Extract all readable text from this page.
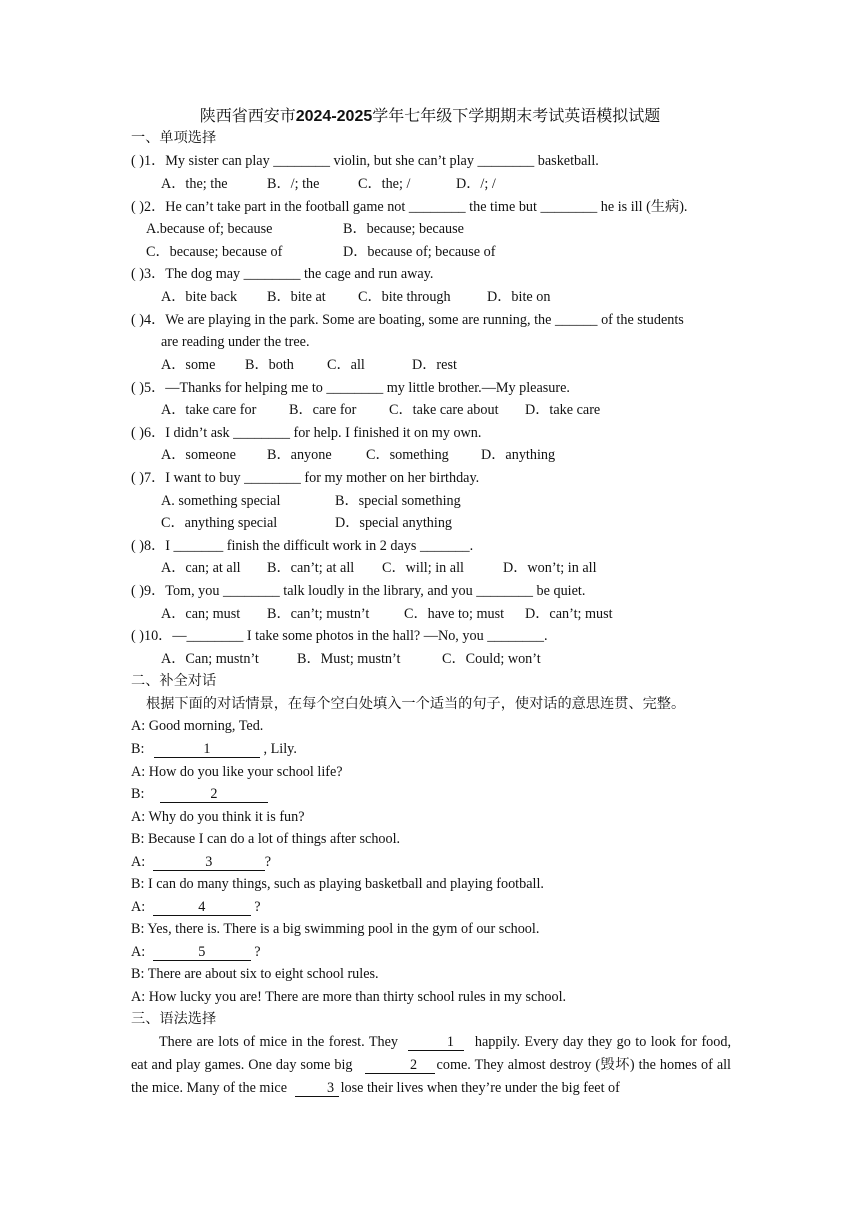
陕西省西安市2024-2025学年七年级下学期期末考试英语模拟试题
一、单项选择
( )1．My sister can play ________ violin, but she can’t play ________ basketball.
A．the; the	B．/; the	C．the; /	D．/; /
( )2．He can’t take part in the football game not ________ the time but ________ he is ill (生病).
A.because of; because	B．because; because
C．because; because of	D．because of; because of
( )3．The dog may ________ the cage and run away.
A．bite back B．bite at C．bite through	D．bite on
( )4．We are playing in the park. Some are boating, some are running, the ______ of the students
are reading under the tree.
A．some B．both C．all	D．rest
( )5．—Thanks for helping me to ________ my little brother.—My pleasure.
A．take care for B．care for C．take care about D．take care
( )6．I didn’t ask ________ for help. I finished it on my own.
A．someone B．anyone C．something D．anything
( )7．I want to buy ________ for my mother on her birthday.
A. something special	B．special something
C．anything special	D．special anything
( )8．I _______ finish the difficult work in 2 days _______.
A．can; at all B．can’t; at all C．will; in all	D．won’t; in all
( )9．Tom, you ________ talk loudly in the library, and you ________ be quiet.
A．can; must B．can’t; mustn’t C．have to; must D．can’t; must
( )10．—________ I take some photos in the hall? —No, you ________.
A．Can; mustn’t	B．Must; mustn’t	C．Could; won’t
二、补全对话
根据下面的对话情景，在每个空白处填入一个适当的句子，使对话的意思连贯、完整。
A: Good morning, Ted.
B:	1	, Lily.
A: How do you like your school life?
B:	2
A: Why do you think it is fun?
B: Because I can do a lot of things after school.
A:	3	?
B: I can do many things, such as playing basketball and playing football.
A:	4	?
B: Yes, there is. There is a big swimming pool in the gym of our school.
A:	5	?
B: There are about six to eight school rules.
A: How lucky you are! There are more than thirty school rules in my school.
三、语法选择
There are lots of mice in the forest. They	1 happily. Every day they go to look for food, eat and play games. One day some big	2 come. They almost destroy (毁坏) the homes of all the mice. Many of the mice	3 lose their lives when they’re under the big feet of
